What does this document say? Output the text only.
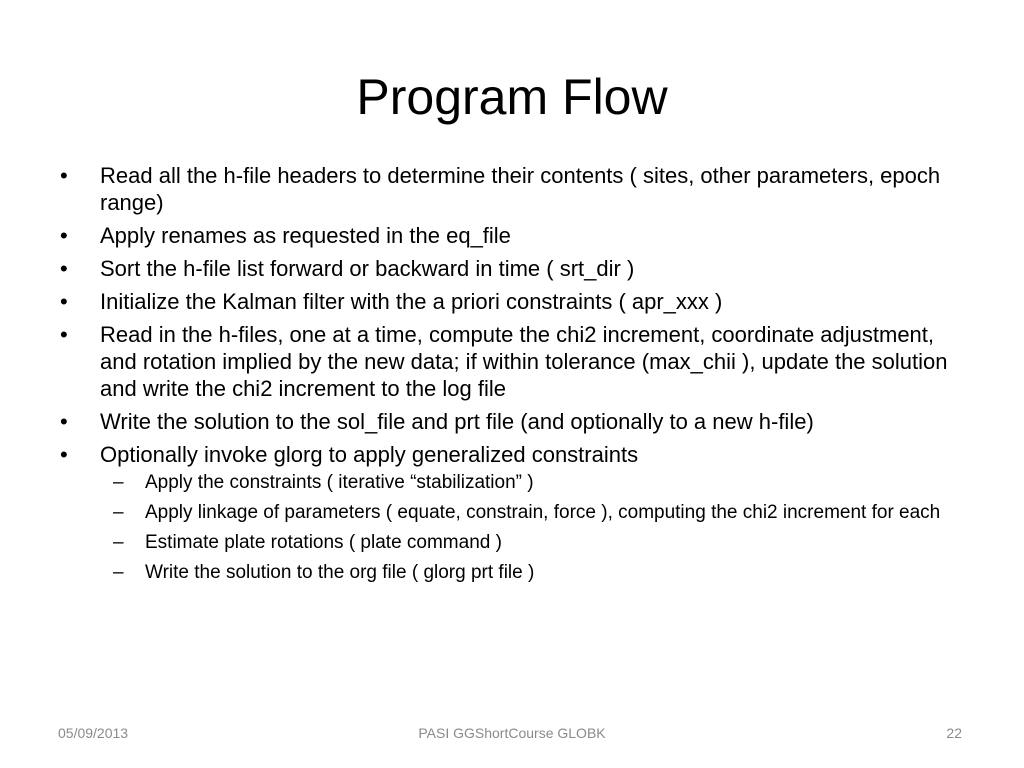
Program Flow
•	Read all the h-file headers to determine their contents ( sites, other parameters, epoch range)
•	Apply renames as requested in the eq_file
•	Sort the h-file list forward or backward in time ( srt_dir )
•	Initialize the Kalman filter with the a priori constraints ( apr_xxx )
•	Read in the h-files, one at a time, compute the chi2 increment, coordinate adjustment, and rotation implied by the new data; if within tolerance (max_chii ), update the solution and write the chi2 increment to the log file
•	Write the solution to the sol_file and prt file (and optionally to a new h-file)
•	Optionally invoke glorg to apply generalized constraints
– Apply the constraints ( iterative “stabilization” )
– Apply linkage of parameters ( equate, constrain, force ), computing the chi2 increment for each
– Estimate plate rotations ( plate command )
– Write the solution to the org file ( glorg prt file )
05/09/2013	PASI GGShortCourse GLOBK	22
